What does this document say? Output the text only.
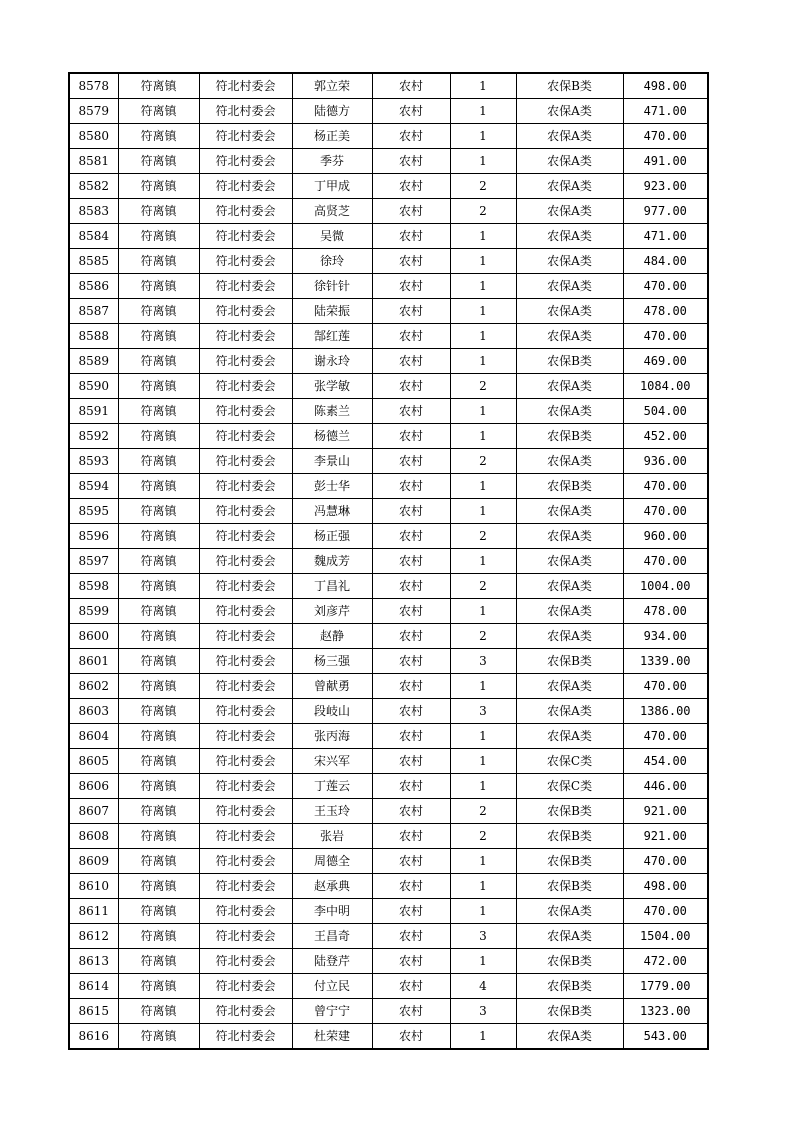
8578	符离镇	符北村委会	郭立荣	农村	1	农保B类	498.00
8579	符离镇	符北村委会	陆德方	农村	1	农保A类	471.00
8580	符离镇	符北村委会	杨正美	农村	1	农保A类	470.00
8581	符离镇	符北村委会	季芬	农村	1	农保A类	491.00
8582	符离镇	符北村委会	丁甲成	农村	2	农保A类	923.00
8583	符离镇	符北村委会	高贤芝	农村	2	农保A类	977.00
8584	符离镇	符北村委会	吴微	农村	1	农保A类	471.00
8585	符离镇	符北村委会	徐玲	农村	1	农保A类	484.00
8586	符离镇	符北村委会	徐针针	农村	1	农保A类	470.00
8587	符离镇	符北村委会	陆荣振	农村	1	农保A类	478.00
8588	符离镇	符北村委会	郜红莲	农村	1	农保A类	470.00
8589	符离镇	符北村委会	谢永玲	农村	1	农保B类	469.00
8590	符离镇	符北村委会	张学敏	农村	2	农保A类	1084.00
8591	符离镇	符北村委会	陈素兰	农村	1	农保A类	504.00
8592	符离镇	符北村委会	杨德兰	农村	1	农保B类	452.00
8593	符离镇	符北村委会	李景山	农村	2	农保A类	936.00
8594	符离镇	符北村委会	彭士华	农村	1	农保B类	470.00
8595	符离镇	符北村委会	冯慧琳	农村	1	农保A类	470.00
8596	符离镇	符北村委会	杨正强	农村	2	农保A类	960.00
8597	符离镇	符北村委会	魏成芳	农村	1	农保A类	470.00
8598	符离镇	符北村委会	丁昌礼	农村	2	农保A类	1004.00
8599	符离镇	符北村委会	刘彦芹	农村	1	农保A类	478.00
8600	符离镇	符北村委会	赵静	农村	2	农保A类	934.00
8601	符离镇	符北村委会	杨三强	农村	3	农保B类	1339.00
8602	符离镇	符北村委会	曾献勇	农村	1	农保A类	470.00
8603	符离镇	符北村委会	段岐山	农村	3	农保A类	1386.00
8604	符离镇	符北村委会	张丙海	农村	1	农保A类	470.00
8605	符离镇	符北村委会	宋兴军	农村	1	农保C类	454.00
8606	符离镇	符北村委会	丁莲云	农村	1	农保C类	446.00
8607	符离镇	符北村委会	王玉玲	农村	2	农保B类	921.00
8608	符离镇	符北村委会	张岩	农村	2	农保B类	921.00
8609	符离镇	符北村委会	周德全	农村	1	农保B类	470.00
8610	符离镇	符北村委会	赵承典	农村	1	农保B类	498.00
8611	符离镇	符北村委会	李中明	农村	1	农保A类	470.00
8612	符离镇	符北村委会	王昌奇	农村	3	农保A类	1504.00
8613	符离镇	符北村委会	陆登芹	农村	1	农保B类	472.00
8614	符离镇	符北村委会	付立民	农村	4	农保B类	1779.00
8615	符离镇	符北村委会	曾宁宁	农村	3	农保B类	1323.00
8616	符离镇	符北村委会	杜荣建	农村	1	农保A类	543.00
